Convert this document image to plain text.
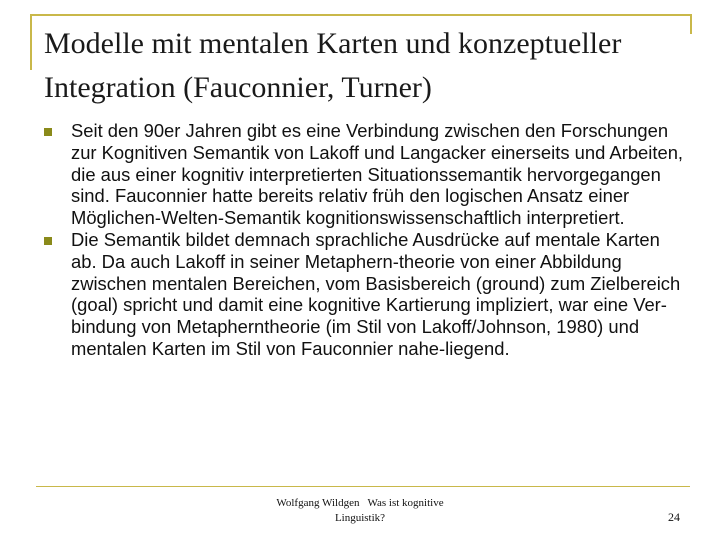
Modelle mit mentalen Karten und konzeptueller
Integration (Fauconnier, Turner)
Seit den 90er Jahren gibt es eine Verbindung zwischen den Forschungen zur Kognitiven Semantik von Lakoff und Langacker einerseits und Arbeiten, die aus einer kognitiv interpretierten Situationssemantik hervorgegangen sind. Fauconnier hatte bereits relativ früh den logischen Ansatz einer Möglichen-Welten-Semantik kognitionswissenschaftlich interpretiert.
Die Semantik bildet demnach sprachliche Ausdrücke auf mentale Karten ab. Da auch Lakoff in seiner Metaphern-theorie von einer Abbildung zwischen mentalen Bereichen, vom Basisbereich (ground) zum Zielbereich (goal) spricht und damit eine kognitive Kartierung impliziert, war eine Ver-bindung von Metapherntheorie (im Stil von Lakoff/Johnson, 1980) und mentalen Karten im Stil von Fauconnier nahe-liegend.
Wolfgang Wildgen   Was ist kognitive
Linguistik?	24
